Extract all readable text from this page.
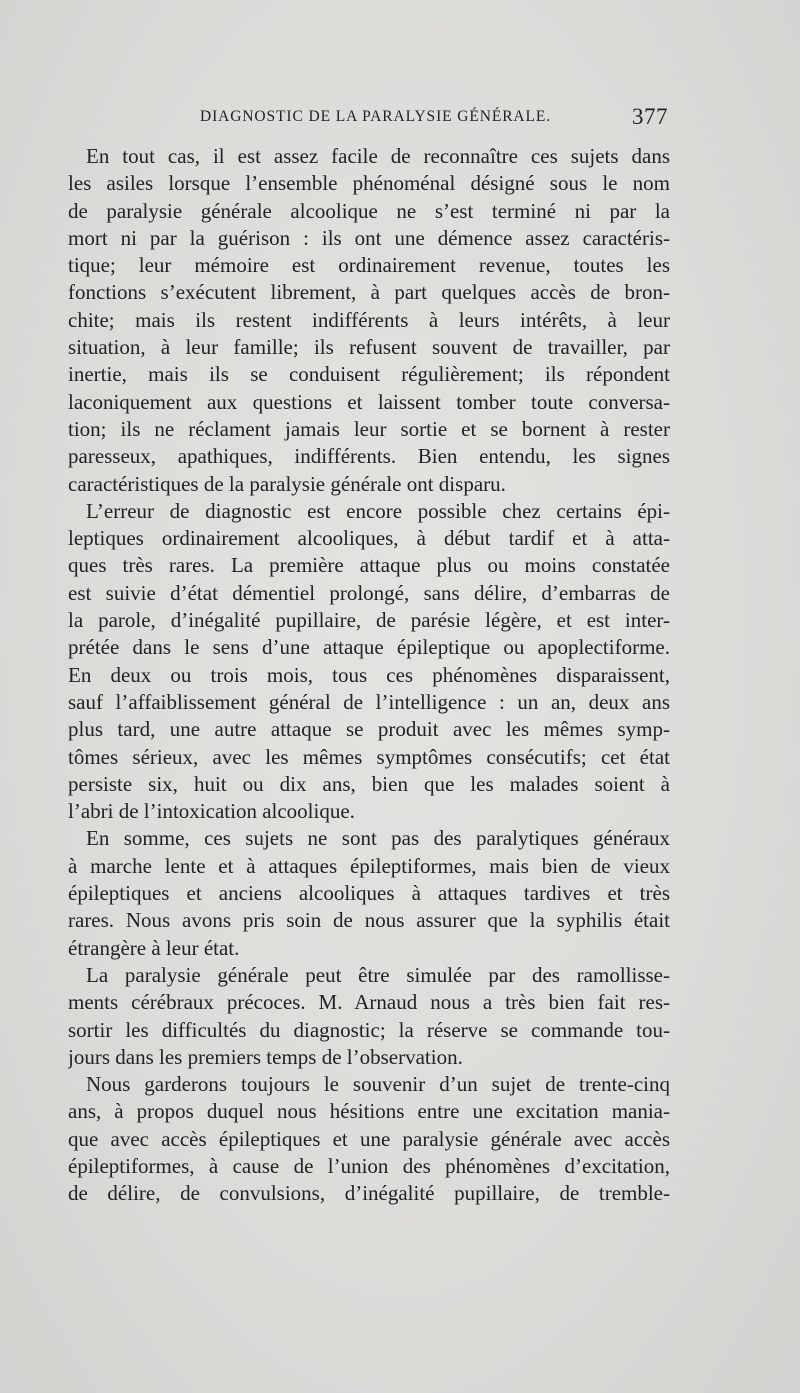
DIAGNOSTIC DE LA PARALYSIE GÉNÉRALE.	377
En tout cas, il est assez facile de reconnaître ces sujets dans
les asiles lorsque l’ensemble phénoménal désigné sous le nom
de paralysie générale alcoolique ne s’est terminé ni par la
mort ni par la guérison : ils ont une démence assez caractéris-
tique; leur mémoire est ordinairement revenue, toutes les
fonctions s’exécutent librement, à part quelques accès de bron-
chite; mais ils restent indifférents à leurs intérêts, à leur
situation, à leur famille; ils refusent souvent de travailler, par
inertie, mais ils se conduisent régulièrement; ils répondent
laconiquement aux questions et laissent tomber toute conversa-
tion; ils ne réclament jamais leur sortie et se bornent à rester
paresseux, apathiques, indifférents. Bien entendu, les signes
caractéristiques de la paralysie générale ont disparu.
L’erreur de diagnostic est encore possible chez certains épi-
leptiques ordinairement alcooliques, à début tardif et à atta-
ques très rares. La première attaque plus ou moins constatée
est suivie d’état démentiel prolongé, sans délire, d’embarras de
la parole, d’inégalité pupillaire, de parésie légère, et est inter-
prétée dans le sens d’une attaque épileptique ou apoplectiforme.
En deux ou trois mois, tous ces phénomènes disparaissent,
sauf l’affaiblissement général de l’intelligence : un an, deux ans
plus tard, une autre attaque se produit avec les mêmes symp-
tômes sérieux, avec les mêmes symptômes consécutifs; cet état
persiste six, huit ou dix ans, bien que les malades soient à
l’abri de l’intoxication alcoolique.
En somme, ces sujets ne sont pas des paralytiques généraux
à marche lente et à attaques épileptiformes, mais bien de vieux
épileptiques et anciens alcooliques à attaques tardives et très
rares. Nous avons pris soin de nous assurer que la syphilis était
étrangère à leur état.
La paralysie générale peut être simulée par des ramollisse-
ments cérébraux précoces. M. Arnaud nous a très bien fait res-
sortir les difficultés du diagnostic; la réserve se commande tou-
jours dans les premiers temps de l’observation.
Nous garderons toujours le souvenir d’un sujet de trente-cinq
ans, à propos duquel nous hésitions entre une excitation mania-
que avec accès épileptiques et une paralysie générale avec accès
épileptiformes, à cause de l’union des phénomènes d’excitation,
de délire, de convulsions, d’inégalité pupillaire, de tremble-
